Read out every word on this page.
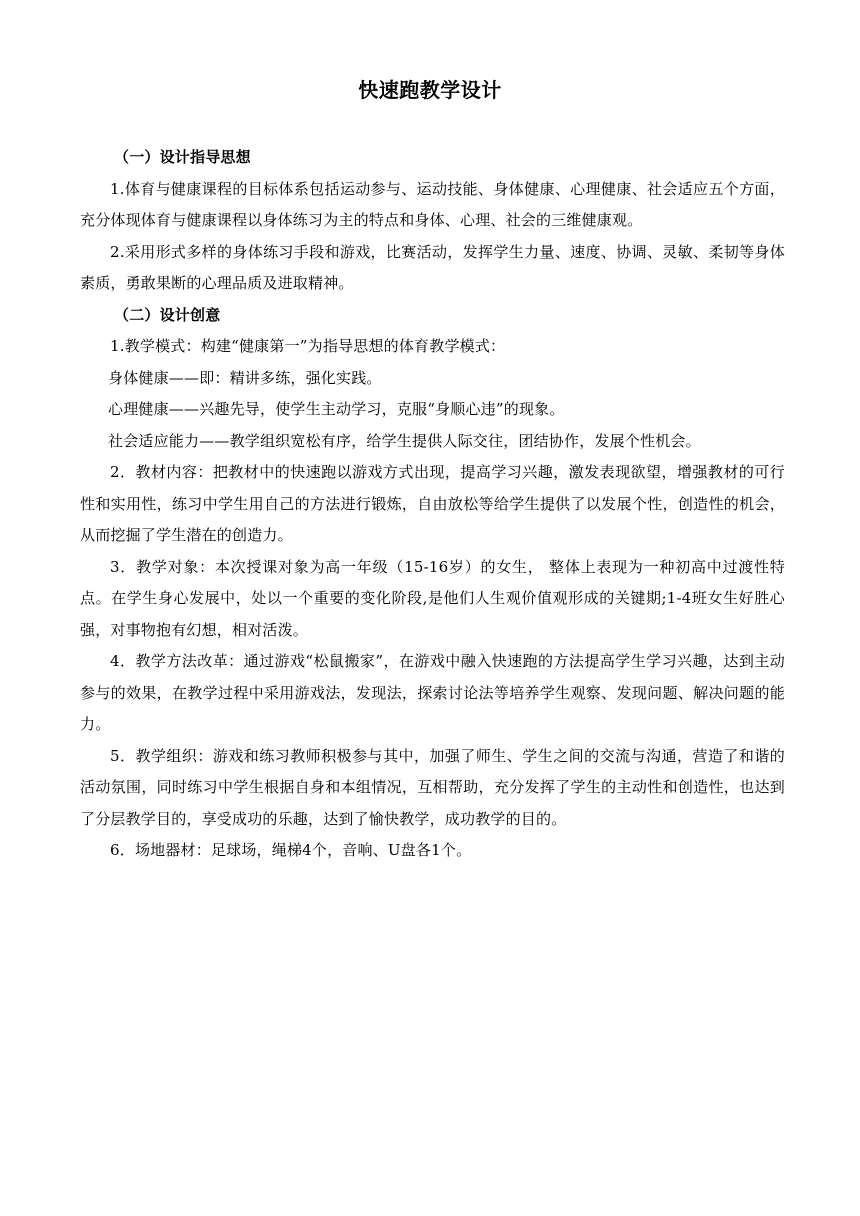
快速跑教学设计

（一）设计指导思想

1.体育与健康课程的目标体系包括运动参与、运动技能、身体健康、心理健康、社会适应五个方面，充分体现体育与健康课程以身体练习为主的特点和身体、心理、社会的三维健康观。

2.采用形式多样的身体练习手段和游戏，比赛活动，发挥学生力量、速度、协调、灵敏、柔韧等身体素质，勇敢果断的心理品质及进取精神。

（二）设计创意

1.教学模式：构建“健康第一”为指导思想的体育教学模式：

身体健康——即：精讲多练，强化实践。

心理健康——兴趣先导，使学生主动学习，克服“身顺心违”的现象。

社会适应能力——教学组织宽松有序，给学生提供人际交往，团结协作，发展个性机会。

2．教材内容：把教材中的快速跑以游戏方式出现，提高学习兴趣，激发表现欲望，增强教材的可行性和实用性，练习中学生用自己的方法进行锻炼，自由放松等给学生提供了以发展个性，创造性的机会，从而挖掘了学生潜在的创造力。

3．教学对象：本次授课对象为高一年级（15-16岁）的女生， 整体上表现为一种初高中过渡性特点。在学生身心发展中，处以一个重要的变化阶段,是他们人生观价值观形成的关键期;1-4班女生好胜心强，对事物抱有幻想，相对活泼。

4．教学方法改革：通过游戏“松鼠搬家”，在游戏中融入快速跑的方法提高学生学习兴趣，达到主动参与的效果，在教学过程中采用游戏法，发现法，探索讨论法等培养学生观察、发现问题、解决问题的能力。

5．教学组织：游戏和练习教师积极参与其中，加强了师生、学生之间的交流与沟通，营造了和谐的活动氛围，同时练习中学生根据自身和本组情况，互相帮助，充分发挥了学生的主动性和创造性，也达到了分层教学目的，享受成功的乐趣，达到了愉快教学，成功教学的目的。

6．场地器材：足球场，绳梯4个，音响、U盘各1个。
